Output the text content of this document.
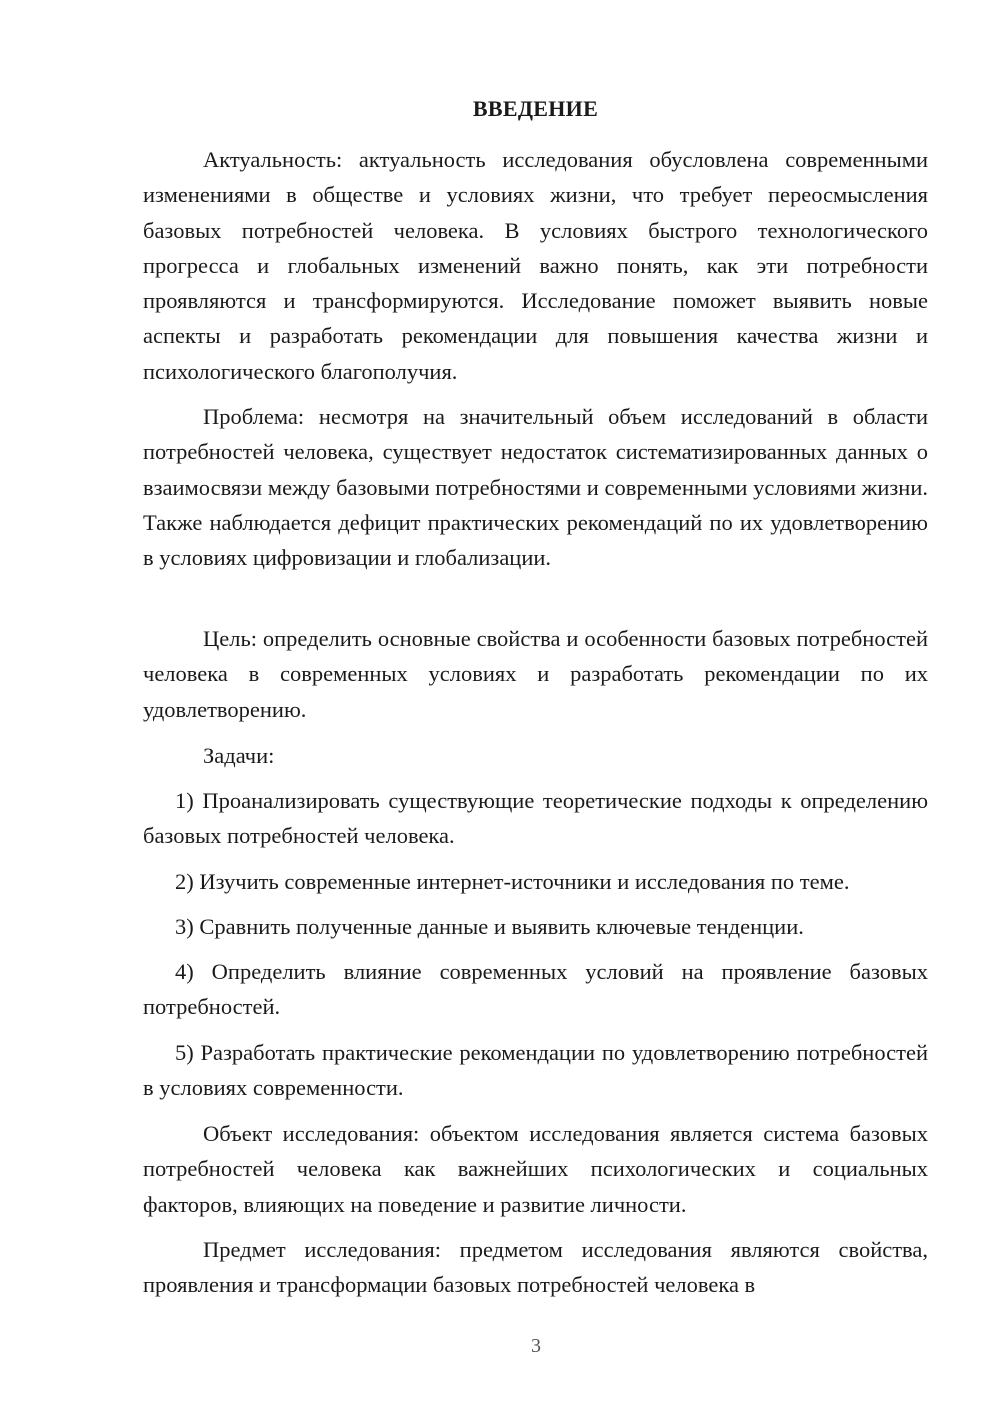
ВВЕДЕНИЕ

Актуальность: актуальность исследования обусловлена современными изменениями в обществе и условиях жизни, что требует переосмысления базовых потребностей человека. В условиях быстрого технологического прогресса и глобальных изменений важно понять, как эти потребности проявляются и трансформируются. Исследование поможет выявить новые аспекты и разработать рекомендации для повышения качества жизни и психологического благополучия.

Проблема: несмотря на значительный объем исследований в области потребностей человека, существует недостаток систематизированных данных о взаимосвязи между базовыми потребностями и современными условиями жизни. Также наблюдается дефицит практических рекомендаций по их удовлетворению в условиях цифровизации и глобализации.

Цель: определить основные свойства и особенности базовых потребностей человека в современных условиях и разработать рекомендации по их удовлетворению.

Задачи:

1) Проанализировать существующие теоретические подходы к определению базовых потребностей человека.

2) Изучить современные интернет-источники и исследования по теме.

3) Сравнить полученные данные и выявить ключевые тенденции.

4) Определить влияние современных условий на проявление базовых потребностей.

5) Разработать практические рекомендации по удовлетворению потребностей в условиях современности.

Объект исследования: объектом исследования является система базовых потребностей человека как важнейших психологических и социальных факторов, влияющих на поведение и развитие личности.

Предмет исследования: предметом исследования являются свойства, проявления и трансформации базовых потребностей человека в

3
